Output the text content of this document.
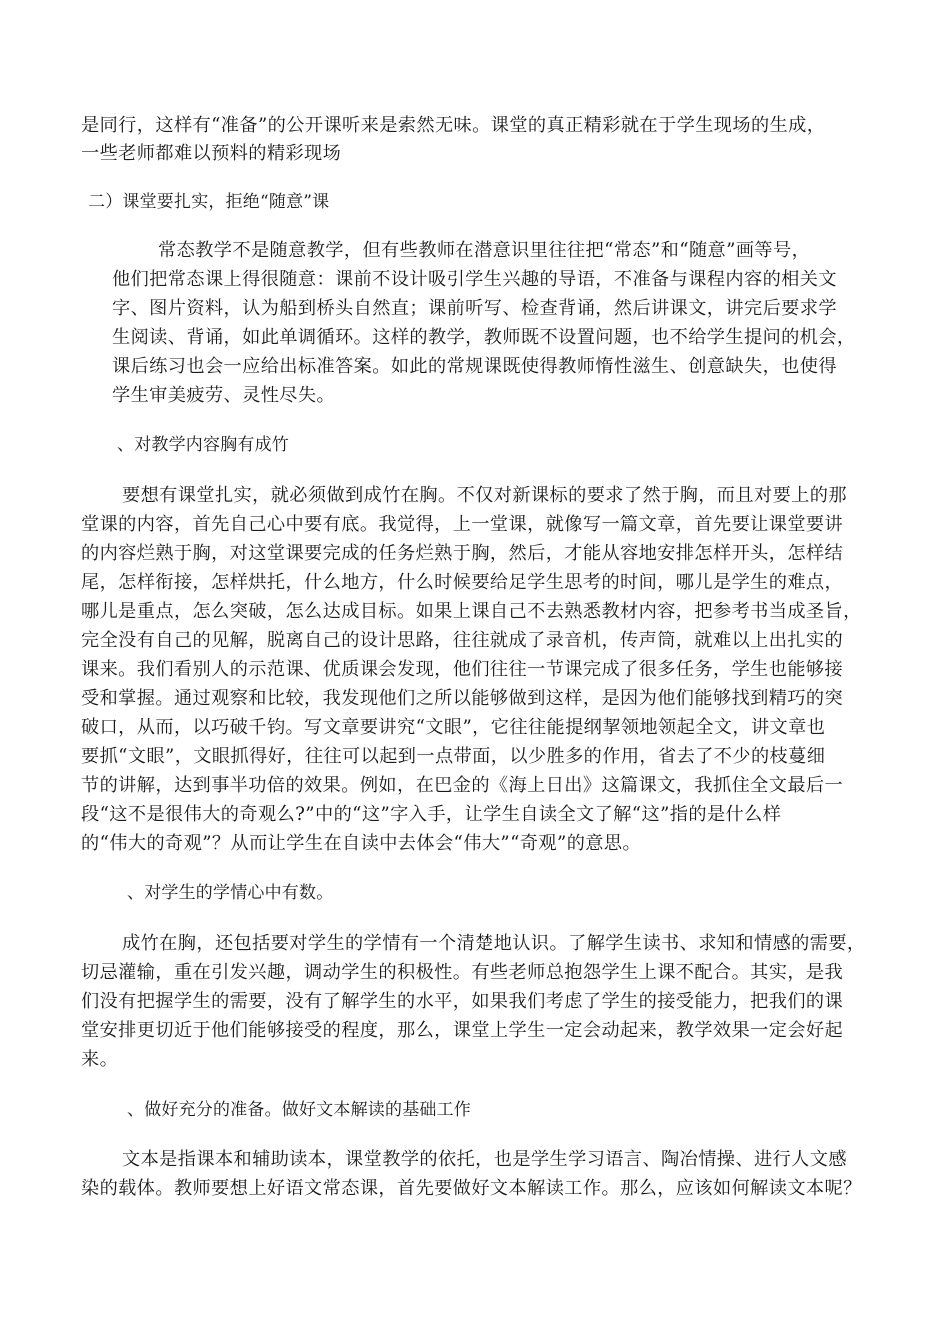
是同行，这样有“准备”的公开课听来是索然无味。课堂的真正精彩就在于学生现场的生成，

一些老师都难以预料的精彩现场

二）课堂要扎实，拒绝“随意”课

常态教学不是随意教学，但有些教师在潜意识里往往把“常态”和“随意”画等号，

他们把常态课上得很随意：课前不设计吸引学生兴趣的导语，不准备与课程内容的相关文

字、图片资料，认为船到桥头自然直；课前听写、检查背诵，然后讲课文，讲完后要求学

生阅读、背诵，如此单调循环。这样的教学，教师既不设置问题，也不给学生提问的机会，

课后练习也会一应给出标准答案。如此的常规课既使得教师惰性滋生、创意缺失，也使得

学生审美疲劳、灵性尽失。

、对教学内容胸有成竹

要想有课堂扎实，就必须做到成竹在胸。不仅对新课标的要求了然于胸，而且对要上的那

堂课的内容，首先自己心中要有底。我觉得，上一堂课，就像写一篇文章，首先要让课堂要讲

的内容烂熟于胸，对这堂课要完成的任务烂熟于胸，然后，才能从容地安排怎样开头，怎样结

尾，怎样衔接，怎样烘托，什么地方，什么时候要给足学生思考的时间，哪儿是学生的难点，

哪儿是重点，怎么突破，怎么达成目标。如果上课自己不去熟悉教材内容，把参考书当成圣旨，

完全没有自己的见解，脱离自己的设计思路，往往就成了录音机，传声筒，就难以上出扎实的

课来。我们看别人的示范课、优质课会发现，他们往往一节课完成了很多任务，学生也能够接

受和掌握。通过观察和比较，我发现他们之所以能够做到这样，是因为他们能够找到精巧的突

破口，从而，以巧破千钧。写文章要讲究“文眼”，它往往能提纲挈领地领起全文，讲文章也

要抓“文眼”，文眼抓得好，往往可以起到一点带面，以少胜多的作用，省去了不少的枝蔓细

节的讲解，达到事半功倍的效果。例如，在巴金的《海上日出》这篇课文，我抓住全文最后一

段“这不是很伟大的奇观么?”中的“这”字入手，让学生自读全文了解“这”指的是什么样

的“伟大的奇观”？从而让学生在自读中去体会“伟大”“奇观”的意思。

、对学生的学情心中有数。

成竹在胸，还包括要对学生的学情有一个清楚地认识。了解学生读书、求知和情感的需要，

切忌灌输，重在引发兴趣，调动学生的积极性。有些老师总抱怨学生上课不配合。其实，是我

们没有把握学生的需要，没有了解学生的水平，如果我们考虑了学生的接受能力，把我们的课

堂安排更切近于他们能够接受的程度，那么，课堂上学生一定会动起来，教学效果一定会好起

来。

、做好充分的准备。做好文本解读的基础工作

文本是指课本和辅助读本，课堂教学的依托，也是学生学习语言、陶冶情操、进行人文感

染的载体。教师要想上好语文常态课，首先要做好文本解读工作。那么，应该如何解读文本呢？
